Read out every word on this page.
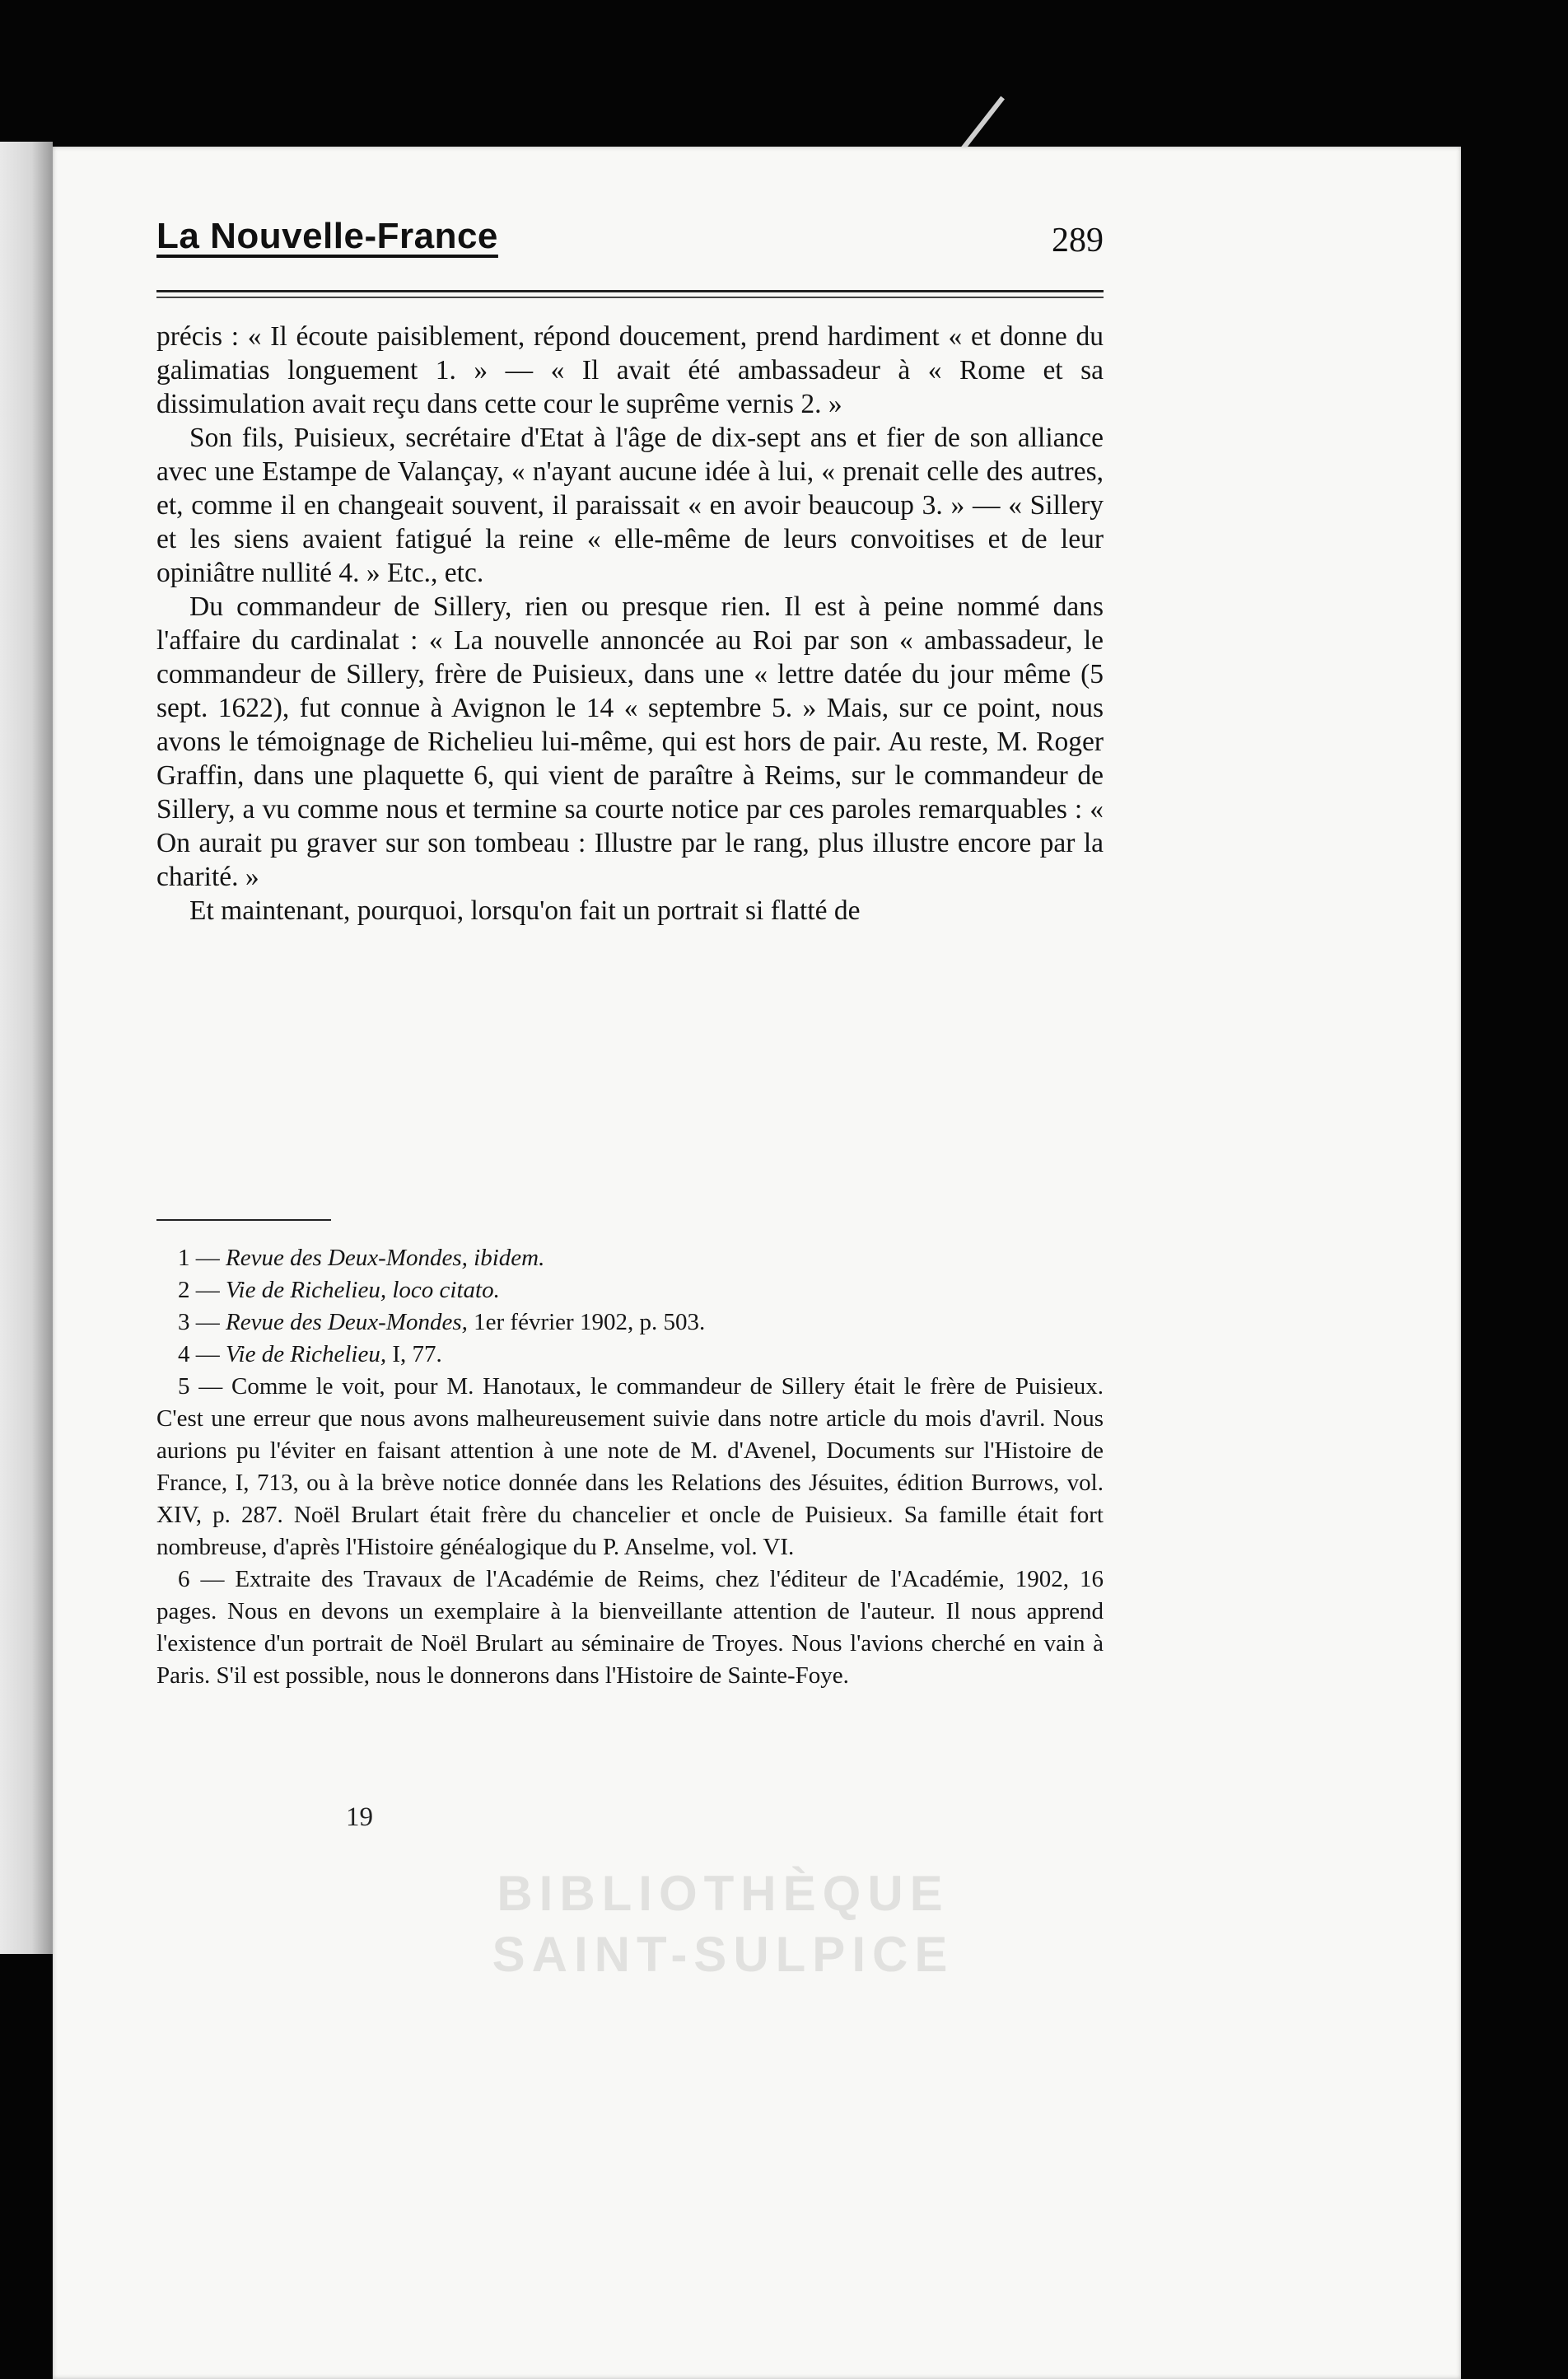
La Nouvelle-France	289

précis : « Il écoute paisiblement, répond doucement, prend hardiment « et donne du galimatias longuement 1. » — « Il avait été ambassadeur à « Rome et sa dissimulation avait reçu dans cette cour le suprême vernis 2. »

Son fils, Puisieux, secrétaire d'Etat à l'âge de dix-sept ans et fier de son alliance avec une Estampe de Valançay, « n'ayant aucune idée à lui, « prenait celle des autres, et, comme il en changeait souvent, il paraissait « en avoir beaucoup 3. » — « Sillery et les siens avaient fatigué la reine « elle-même de leurs convoitises et de leur opiniâtre nullité 4. » Etc., etc.

Du commandeur de Sillery, rien ou presque rien. Il est à peine nommé dans l'affaire du cardinalat : « La nouvelle annoncée au Roi par son « ambassadeur, le commandeur de Sillery, frère de Puisieux, dans une « lettre datée du jour même (5 sept. 1622), fut connue à Avignon le 14 « septembre 5. » Mais, sur ce point, nous avons le témoignage de Richelieu lui-même, qui est hors de pair. Au reste, M. Roger Graffin, dans une plaquette 6, qui vient de paraître à Reims, sur le commandeur de Sillery, a vu comme nous et termine sa courte notice par ces paroles remarquables : « On aurait pu graver sur son tombeau : Illustre par le rang, plus illustre encore par la charité. »

Et maintenant, pourquoi, lorsqu'on fait un portrait si flatté de

1 — Revue des Deux-Mondes, ibidem.

2 — Vie de Richelieu, loco citato.

3 — Revue des Deux-Mondes, 1er février 1902, p. 503.

4 — Vie de Richelieu, I, 77.

5 — Comme le voit, pour M. Hanotaux, le commandeur de Sillery était le frère de Puisieux. C'est une erreur que nous avons malheureusement suivie dans notre article du mois d'avril. Nous aurions pu l'éviter en faisant attention à une note de M. d'Avenel, Documents sur l'Histoire de France, I, 713, ou à la brève notice donnée dans les Relations des Jésuites, édition Burrows, vol. XIV, p. 287. Noël Brulart était frère du chancelier et oncle de Puisieux. Sa famille était fort nombreuse, d'après l'Histoire généalogique du P. Anselme, vol. VI.

6 — Extraite des Travaux de l'Académie de Reims, chez l'éditeur de l'Académie, 1902, 16 pages. Nous en devons un exemplaire à la bienveillante attention de l'auteur. Il nous apprend l'existence d'un portrait de Noël Brulart au séminaire de Troyes. Nous l'avions cherché en vain à Paris. S'il est possible, nous le donnerons dans l'Histoire de Sainte-Foye.

19
BIBLIOTHÈQUE
SAINT-SULPICE
